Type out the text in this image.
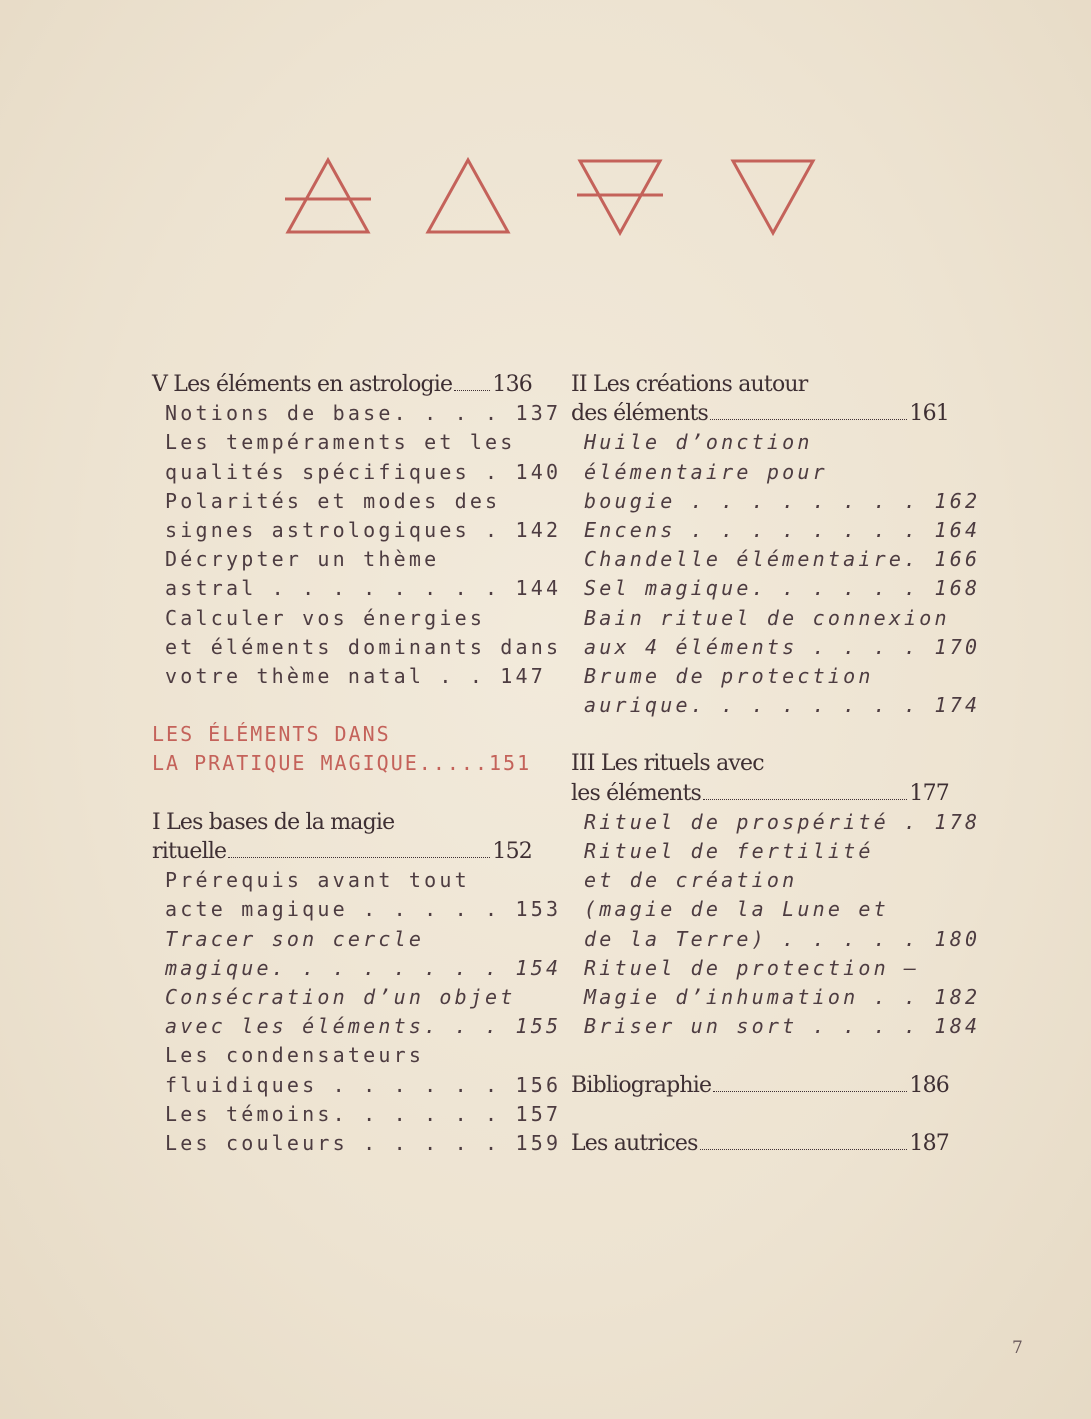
V Les éléments en astrologie 136
Notions de base. . . . 137
Les tempéraments et les
qualités spécifiques . 140
Polarités et modes des
signes astrologiques . 142
Décrypter un thème
astral . . . . . . . . 144
Calculer vos énergies
et éléments dominants dans
votre thème natal . . 147
LES ÉLÉMENTS DANS
LA PRATIQUE MAGIQUE.....151
I Les bases de la magie
rituelle	152
Prérequis avant tout
acte magique . . . . . 153
Tracer son cercle
magique. . . . . . . . 154
Consécration d’un objet
avec les éléments. . . 155
Les condensateurs
fluidiques . . . . . . 156
Les témoins. . . . . . 157
Les couleurs . . . . . 159
II Les créations autour
des éléments	161
Huile d’onction
élémentaire pour
bougie . . . . . . . . 162
Encens . . . . . . . . 164
Chandelle élémentaire. 166
Sel magique. . . . . . 168
Bain rituel de connexion
aux 4 éléments . . . . 170
Brume de protection
aurique. . . . . . . . 174
III Les rituels avec
les éléments	177
Rituel de prospérité . 178
Rituel de fertilité
et de création
(magie de la Lune et
de la Terre) . . . . . 180
Rituel de protection –
Magie d’inhumation . . 182
Briser un sort . . . . 184
Bibliographie	186
Les autrices	187
7
